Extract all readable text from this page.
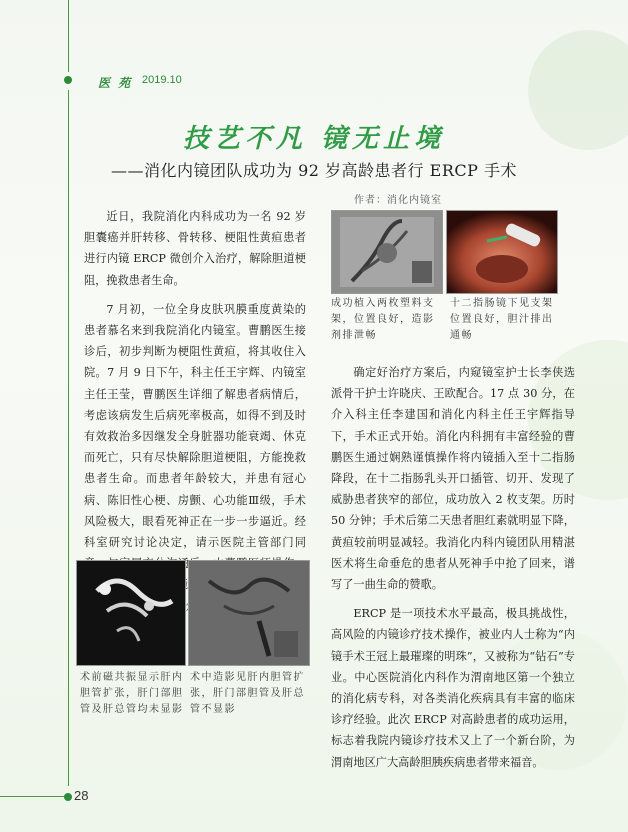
医 苑 2019.10
技艺不凡 镜无止境
——消化内镜团队成功为 92 岁高龄患者行 ERCP 手术
作者：消化内镜室

近日，我院消化内科成功为一名 92 岁胆囊癌并肝转移、骨转移、梗阻性黄疸患者进行内镜 ERCP 微创介入治疗，解除胆道梗阻，挽救患者生命。

7 月初，一位全身皮肤巩膜重度黄染的患者慕名来到我院消化内镜室。曹鹏医生接诊后，初步判断为梗阻性黄疸，将其收住入院。7 月 9 日下午，科主任王宇辉、内镜室主任王莹，曹鹏医生详细了解患者病情后，考虑该病发生后病死率极高，如得不到及时有效救治多因继发全身脏器功能衰竭、休克而死亡，只有尽快解除胆道梗阻，方能挽救患者生命。而患者年龄较大，并患有冠心病、陈旧性心梗、房颤、心功能Ⅲ级，手术风险极大，眼看死神正在一步一步逼近。经科室研究讨论决定，请示医院主管部门同

成功植入两枚塑料支架，位置良好，造影剂排泄畅
十二指肠镜下见支架位置良好，胆汁排出通畅

确定好治疗方案后，内窥镜室护士长李侠选派骨干护士许晓庆、王欧配合。17 点 30 分，在介入科主任李建国和消化内科主任王宇辉指导下，手术正式开始。消化内科拥有丰富经验的曹鹏医生通过娴熟谨慎操作将内镜插入至十二指肠降段，在十二指肠乳头开口插管、切开、发现了威胁患者狭窄的部位，成功放入 2 枚支架。历时 50 分钟；手术后第二天患者胆红素就明显下降，黄疸较前明显减轻。我消化内科内镜团队用精湛医术将生命垂危的患者从死神手中抢了回来，谱写了一曲生命的赞歌。

ERCP 是一项技术水平最高，极具挑战性，高风险的内镜诊疗技术操作，被业内人士称为“内镜手术王冠上最璀璨的明珠”，又被称为“钻石”专业。中心医院消化内科作为渭南地区第一个独立的消化病专科，对各类消化疾病具有丰富的临床诊疗经验。此次 ERCP 对高龄患者的成功运用，标志着我院内镜诊疗技术又上了一个新台阶，为渭南地区广大高龄胆胰疾病患者带来福音。

术前磁共振显示肝内胆管扩张，肝门部胆管及肝总管均未显影
术中造影见肝内胆管扩张，肝门部胆管及肝总管不显影
28
